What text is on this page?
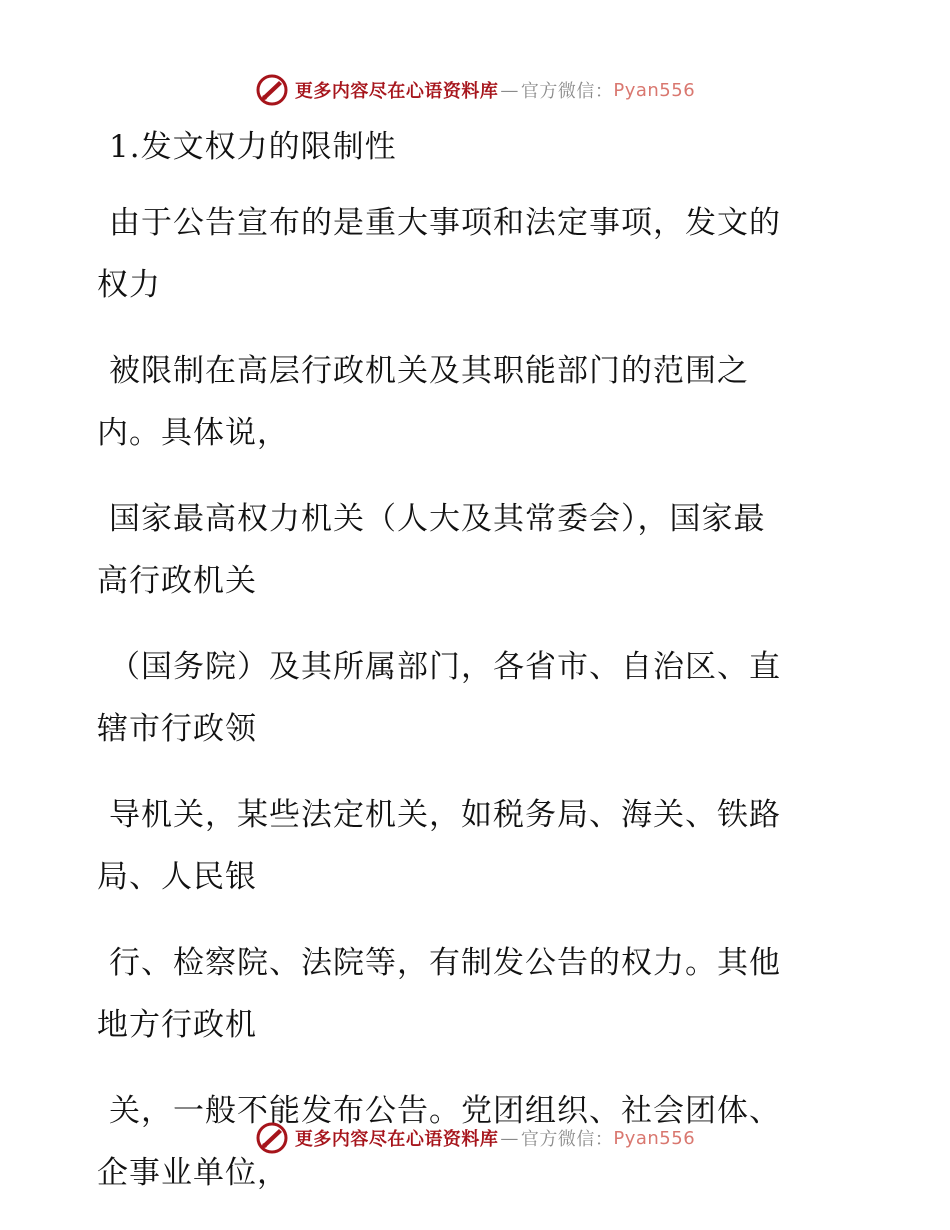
更多内容尽在心语资料库 — 官方微信： Pyan556
1.发文权力的限制性

由于公告宣布的是重大事项和法定事项，发文的
权力

被限制在高层行政机关及其职能部门的范围之
内。具体说，

国家最高权力机关（人大及其常委会），国家最
高行政机关

（国务院）及其所属部门，各省市、自治区、直
辖市行政领

导机关，某些法定机关，如税务局、海关、铁路
局、人民银

行、检察院、法院等，有制发公告的权力。其他
地方行政机

关，一般不能发布公告。党团组织、社会团体、
企事业单位，

更多内容尽在心语资料库 — 官方微信： Pyan556
